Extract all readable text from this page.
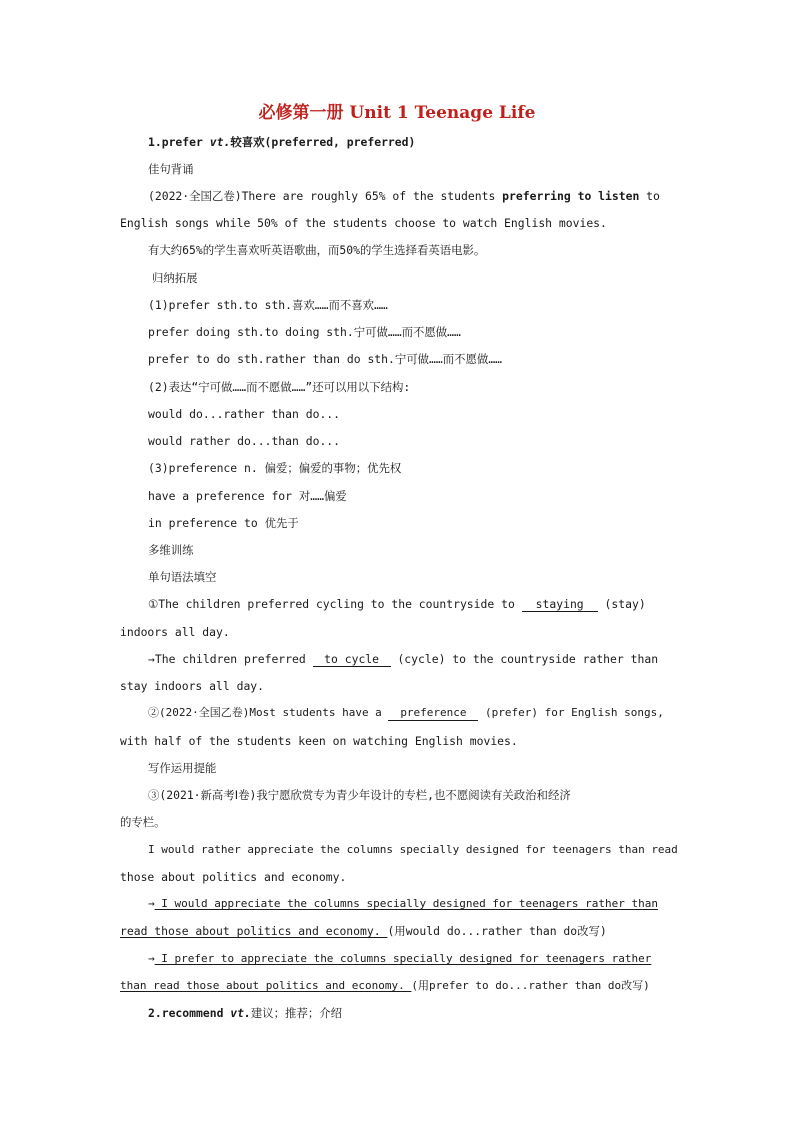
必修第一册 Unit 1 Teenage Life
1.prefer vt.较喜欢(preferred, preferred)
佳句背诵
(2022·全国乙卷)There are roughly 65% of the students preferring to listen to
English songs while 50% of the students choose to watch English movies.
有大约65%的学生喜欢听英语歌曲，而50%的学生选择看英语电影。
归纳拓展
(1)prefer sth.to sth.喜欢……而不喜欢……
prefer doing sth.to doing sth.宁可做……而不愿做……
prefer to do sth.rather than do sth.宁可做……而不愿做……
(2)表达“宁可做……而不愿做……”还可以用以下结构:
would do...rather than do...
would rather do...than do...
(3)preference n. 偏爱；偏爱的事物；优先权
have a preference for 对……偏爱
in preference to 优先于
多维训练
单句语法填空
①The children preferred cycling to the countryside to staying (stay)
indoors all day.
→The children preferred to cycle (cycle) to the countryside rather than
stay indoors all day.
②(2022·全国乙卷)Most students have a preference (prefer) for English songs,
with half of the students keen on watching English movies.
写作运用提能
③(2021·新高考Ⅰ卷)我宁愿欣赏专为青少年设计的专栏,也不愿阅读有关政治和经济
的专栏。
I would rather appreciate the columns specially designed for teenagers than read
those about politics and economy.
→ I would appreciate the columns specially designed for teenagers rather than
read those about politics and economy. (用would do...rather than do改写)
→ I prefer to appreciate the columns specially designed for teenagers rather
than read those about politics and economy. (用prefer to do...rather than do改写)
2.recommend vt.建议；推荐；介绍
